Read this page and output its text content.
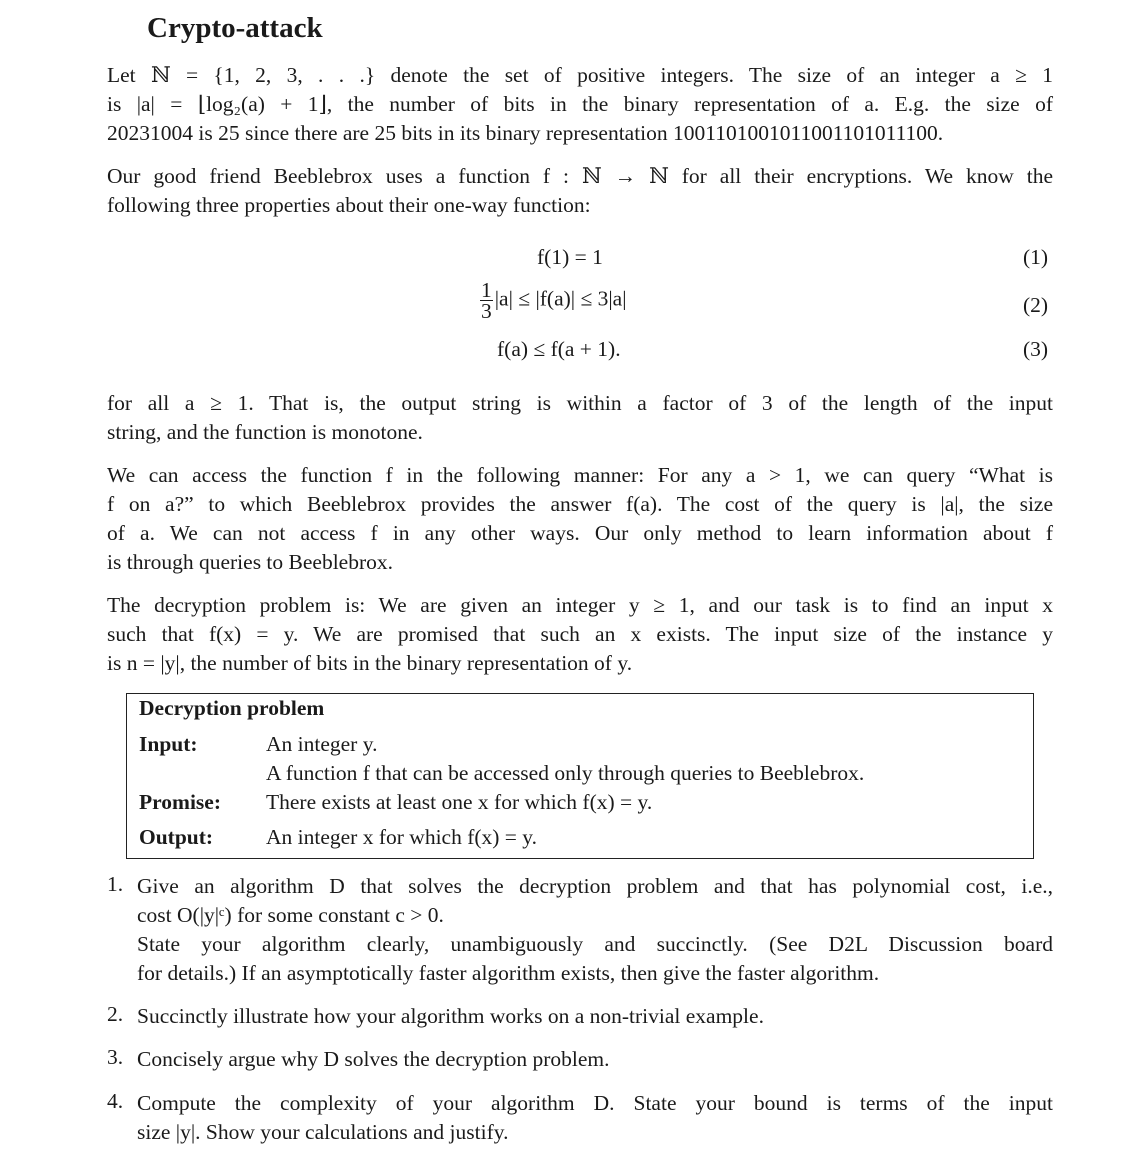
Crypto-attack
Let ℕ = {1, 2, 3, . . .} denote the set of positive integers. The size of an integer a ≥ 1
is |a| = ⌊log₂(a) + 1⌋, the number of bits in the binary representation of a. E.g. the size of
20231004 is 25 since there are 25 bits in its binary representation 1001101001011001101011100.
Our good friend Beeblebrox uses a function f : ℕ → ℕ for all their encryptions. We know the
following three properties about their one-way function:
f(1) = 1	(1)
$\frac{1}{3} |a| \le |f(a)| \le 3|a|$	(2)
f(a) ≤ f(a + 1).	(3)
for all a ≥ 1. That is, the output string is within a factor of 3 of the length of the input
string, and the function is monotone.
We can access the function f in the following manner: For any a > 1, we can query “What is
f on a?” to which Beeblebrox provides the answer f(a). The cost of the query is |a|, the size
of a. We can not access f in any other ways. Our only method to learn information about f
is through queries to Beeblebrox.
The decryption problem is: We are given an integer y ≥ 1, and our task is to find an input x
such that f(x) = y. We are promised that such an x exists. The input size of the instance y
is n = |y|, the number of bits in the binary representation of y.
Decryption problem
Input:	An integer y.
A function f that can be accessed only through queries to Beeblebrox.
Promise: There exists at least one x for which f(x) = y.
Output: An integer x for which f(x) = y.
1. Give an algorithm D that solves the decryption problem and that has polynomial cost, i.e.,
cost O(|y|ᶜ) for some constant c > 0.
State your algorithm clearly, unambiguously and succinctly. (See D2L Discussion board
for details.) If an asymptotically faster algorithm exists, then give the faster algorithm.
2. Succinctly illustrate how your algorithm works on a non-trivial example.
3. Concisely argue why D solves the decryption problem.
4. Compute the complexity of your algorithm D. State your bound is terms of the input
size |y|. Show your calculations and justify.
